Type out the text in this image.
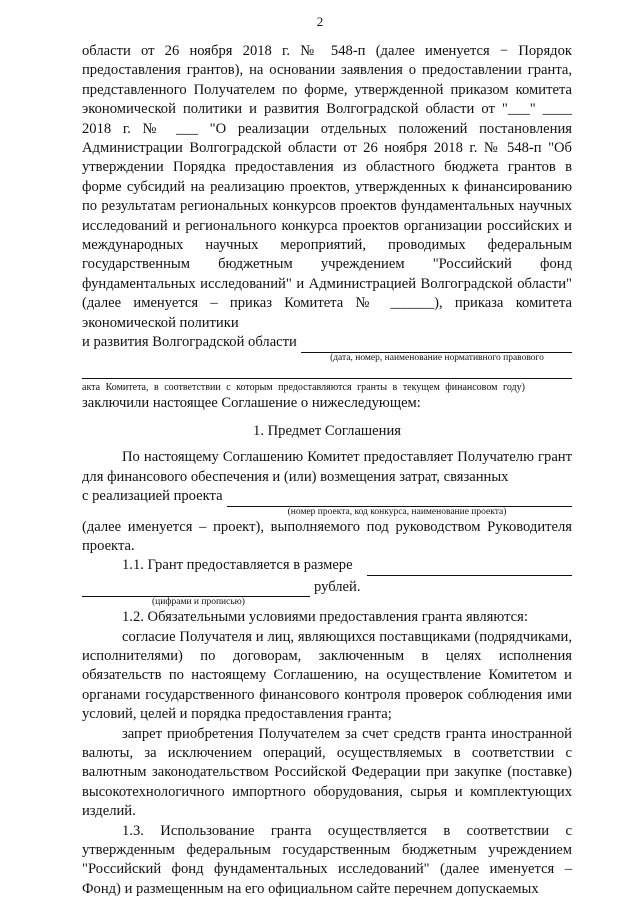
2

области от 26 ноября 2018 г. № 548-п (далее именуется − Порядок предоставления грантов), на основании заявления о предоставлении гранта, представленного Получателем по форме, утвержденной приказом комитета экономической политики и развития Волгоградской области от "___" ____ 2018 г. № ___ "О реализации отдельных положений постановления Администрации Волгоградской области от 26 ноября 2018 г. № 548-п "Об утверждении Порядка предоставления из областного бюджета грантов в форме субсидий на реализацию проектов, утвержденных к финансированию по результатам региональных конкурсов проектов фундаментальных научных исследований и регионального конкурса проектов организации российских и международных научных мероприятий, проводимых федеральным государственным бюджетным учреждением "Российский фонд фундаментальных исследований" и Администрацией Волгоградской области" (далее именуется – приказ Комитета № ______), приказа комитета экономической политики

и развития Волгоградской области
(дата, номер, наименование нормативного правового

акта Комитета, в соответствии с которым предоставляются гранты в текущем финансовом году)

заключили настоящее Соглашение о нижеследующем:

1. Предмет Соглашения

По настоящему Соглашению Комитет предоставляет Получателю грант для финансового обеспечения и (или) возмещения затрат, связанных

с реализацией проекта
(номер проекта, код конкурса, наименование проекта)

(далее именуется – проект), выполняемого под руководством Руководителя проекта.

1.1. Грант предоставляется в размере
рублей.
(цифрами и прописью)

1.2. Обязательными условиями предоставления гранта являются:

согласие Получателя и лиц, являющихся поставщиками (подрядчиками, исполнителями) по договорам, заключенным в целях исполнения обязательств по настоящему Соглашению, на осуществление Комитетом и органами государственного финансового контроля проверок соблюдения ими условий, целей и порядка предоставления гранта;

запрет приобретения Получателем за счет средств гранта иностранной валюты, за исключением операций, осуществляемых в соответствии с валютным законодательством Российской Федерации при закупке (поставке) высокотехнологичного импортного оборудования, сырья и комплектующих изделий.

1.3. Использование гранта осуществляется в соответствии с утвержденным федеральным государственным бюджетным учреждением "Российский фонд фундаментальных исследований" (далее именуется – Фонд) и размещенным на его официальном сайте перечнем допускаемых
